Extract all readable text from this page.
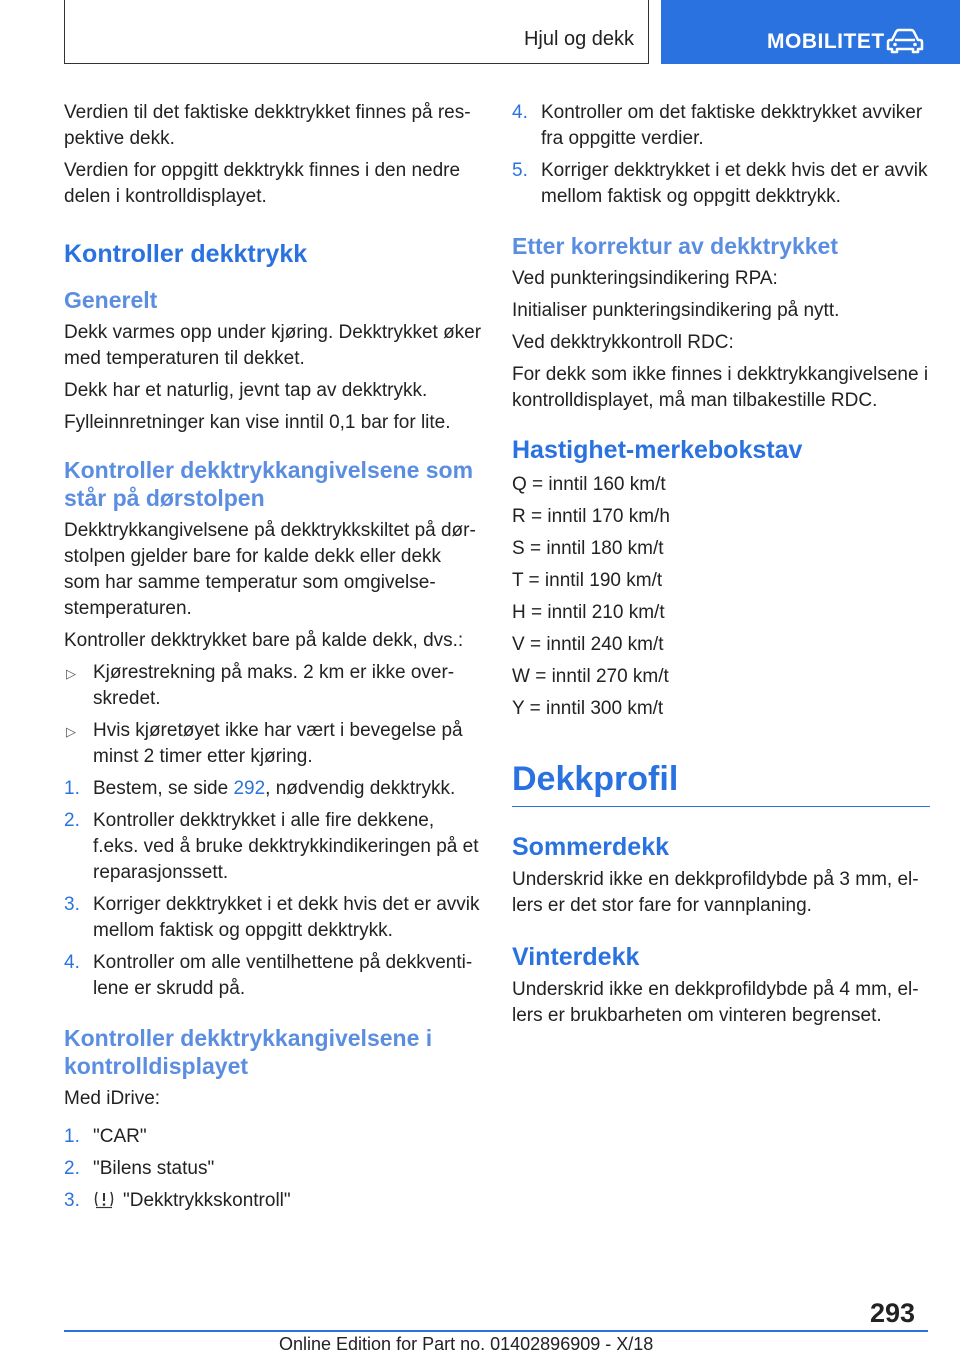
Hjul og dekk	MOBILITET

Verdien til det faktiske dekktrykket finnes på res-pektive dekk.

Verdien for oppgitt dekktrykk finnes i den nedre delen i kontrolldisplayet.

Kontroller dekktrykk
Generelt

Dekk varmes opp under kjøring. Dekktrykket øker med temperaturen til dekket.

Dekk har et naturlig, jevnt tap av dekktrykk.

Fylleinnretninger kan vise inntil 0,1 bar for lite.

Kontroller dekktrykkangivelsene som står på dørstolpen

Dekktrykkangivelsene på dekktrykkskiltet på dør-stolpen gjelder bare for kalde dekk eller dekk som har samme temperatur som omgivelse-stemperaturen.

Kontroller dekktrykket bare på kalde dekk, dvs.:

▷ Kjørestrekning på maks. 2 km er ikke over-skredet.
▷ Hvis kjøretøyet ikke har vært i bevegelse på minst 2 timer etter kjøring.
1. Bestem, se side 292, nødvendig dekktrykk.
2. Kontroller dekktrykket i alle fire dekkene, f.eks. ved å bruke dekktrykkindikeringen på et reparasjonssett.
3. Korriger dekktrykket i et dekk hvis det er avvik mellom faktisk og oppgitt dekktrykk.
4. Kontroller om alle ventilhettene på dekkventi-lene er skrudd på.
Kontroller dekktrykkangivelsene i kontrolldisplayet

Med iDrive:

1. "CAR"
2. "Bilens status"
3. "Dekktrykkskontroll"
4. Kontroller om det faktiske dekktrykket avviker fra oppgitte verdier.
5. Korriger dekktrykket i et dekk hvis det er avvik mellom faktisk og oppgitt dekktrykk.
Etter korrektur av dekktrykket

Ved punkteringsindikering RPA:

Initialiser punkteringsindikering på nytt.

Ved dekktrykkontroll RDC:

For dekk som ikke finnes i dekktrykkangivelsene i kontrolldisplayet, må man tilbakestille RDC.

Hastighet-merkebokstav

Q = inntil 160 km/t

R = inntil 170 km/h

S = inntil 180 km/t

T = inntil 190 km/t

H = inntil 210 km/t

V = inntil 240 km/t

W = inntil 270 km/t

Y = inntil 300 km/t

Dekkprofil
Sommerdekk

Underskrid ikke en dekkprofildybde på 3 mm, el-lers er det stor fare for vannplaning.

Vinterdekk

Underskrid ikke en dekkprofildybde på 4 mm, el-lers er brukbarheten om vinteren begrenset.

293
Online Edition for Part no. 01402896909 - X/18
